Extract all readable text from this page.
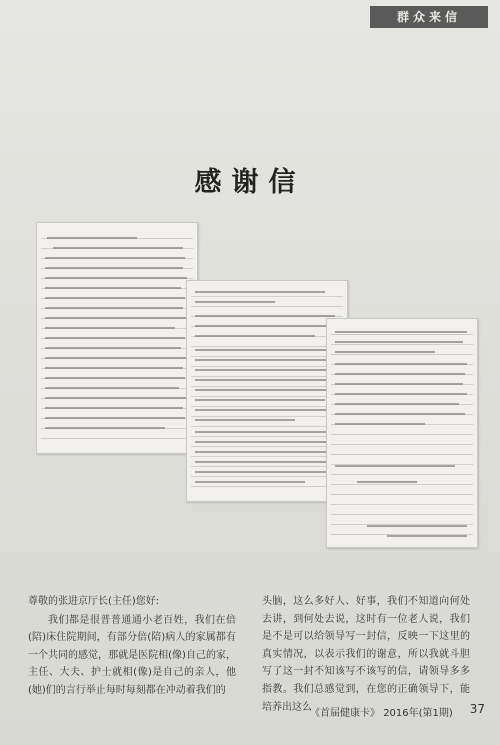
群众来信
感谢信
尊敬的张进京厅长(主任)您好:
我们都是很普普通通小老百姓，我们在倍(陪)床住院期间，有部分倍(陪)病人的家属都有一个共同的感觉，那就是医院相(像)自己的家，主任、大夫、护士就相(像)是自己的亲人，他(她)们的言行举止每时每刻都在冲动着我们的
头脑，这么多好人、好事，我们不知道向何处去讲，到何处去说，这时有一位老人说，我们是不是可以给领导写一封信，反映一下这里的真实情况，以表示我们的谢意，所以我就斗胆写了这一封不知该写不该写的信，请领导多多指教。我们总感觉到，在您的正确领导下，能培养出这么
《首届健康卡》 2016年(第1期) 37
